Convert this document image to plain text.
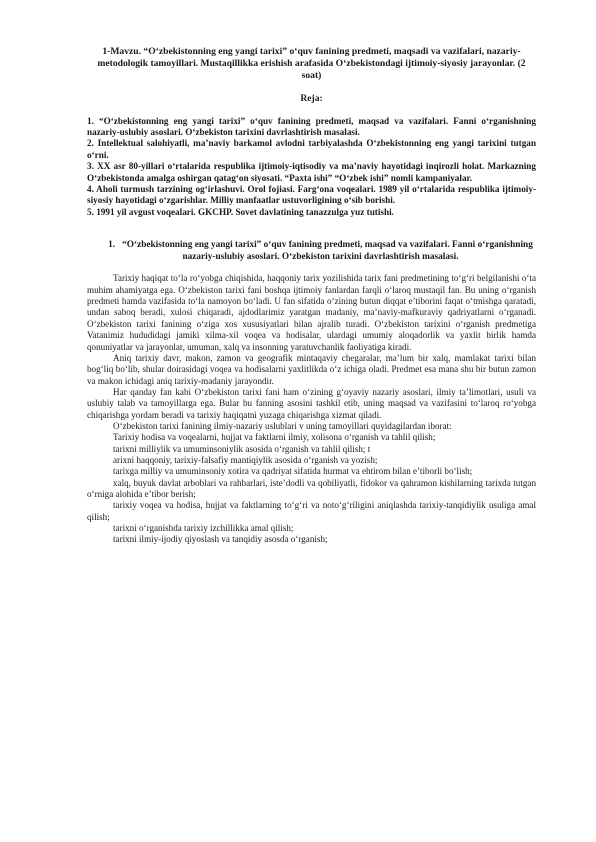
1-Mavzu. “O‘zbekistonning eng yangi tarixi” o‘quv fanining predmeti, maqsadi va vazifalari, nazariy-metodologik tamoyillari. Mustaqillikka erishish arafasida O‘zbekistondagi ijtimoiy-siyosiy jarayonlar. (2 soat)

Reja:

1. “O‘zbekistonning eng yangi tarixi” o‘quv fanining predmeti, maqsad va vazifalari. Fanni o‘rganishning nazariy-uslubiy asoslari. O‘zbekiston tarixini davrlashtirish masalasi.

2. Intellektual salohiyatli, ma’naviy barkamol avlodni tarbiyalashda O‘zbekistonning eng yangi tarixini tutgan o‘rni.

3. XX asr 80-yillari o‘rtalarida respublika ijtimoiy-iqtisodiy va ma’naviy hayotidagi inqirozli holat. Markazning O‘zbekistonda amalga oshirgan qatag‘on siyosati. “Paxta ishi” “O‘zbek ishi” nomli kampaniyalar.

4. Aholi turmush tarzining og‘irlashuvi. Orol fojiasi. Farg‘ona voqealari. 1989 yil o‘rtalarida respublika ijtimoiy-siyosiy hayotidagi o‘zgarishlar. Milliy manfaatlar ustuvorligining o‘sib borishi.

5. 1991 yil avgust voqealari. GKCHP. Sovet davlatining tanazzulga yuz tutishi.

1. “O‘zbekistonning eng yangi tarixi” o‘quv fanining predmeti, maqsad va vazifalari. Fanni o‘rganishning nazariy-uslubiy asoslari. O‘zbekiston tarixini davrlashtirish masalasi.

Tarixiy haqiqat to‘la ro‘yobga chiqishida, haqqoniy tarix yozilishida tarix fani predmetining to‘g‘ri belgilanishi o‘ta muhim ahamiyatga ega. O‘zbekiston tarixi fani boshqa ijtimoiy fanlardan farqli o‘laroq mustaqil fan. Bu uning o‘rganish predmeti hamda vazifasida to‘la namoyon bo‘ladi. U fan sifatida o‘zining butun diqqat e’tiborini faqat o‘tmishga qaratadi, undan saboq beradi, xulosi chiqaradi, ajdodlarimiz yaratgan madaniy, ma’naviy-mafkuraviy qadriyatlarni o‘rganadi. O‘zbekiston tarixi fanining o‘ziga xos xususiyatlari bilan ajralib turadi. O‘zbekiston tarixini o‘rganish predmetiga Vatanimiz hududidagi jamiki xilma-xil voqea va hodisalar, ulardagi umumiy aloqadorlik va yaxlit birlik hamda qonuniyatlar va jarayonlar, umuman, xalq va insonning yaratuvchanlik faoliyatiga kiradi.

Aniq tarixiy davr, makon, zamon va geografik mintaqaviy chegaralar, ma’lum bir xalq, mamlakat tarixi bilan bog‘liq bo‘lib, shular doirasidagi voqea va hodisalarni yaxlitlikda o‘z ichiga oladi. Predmet esa mana shu bir butun zamon va makon ichidagi aniq tarixiy-madaniy jarayondir.

Har qanday fan kabi O‘zbekiston tarixi fani ham o‘zining g‘oyaviy nazariy asoslari, ilmiy ta’limotlari, usuli va uslubiy talab va tamoyillarga ega. Bular bu fanning asosini tashkil etib, uning maqsad va vazifasini to‘laroq ro‘yobga chiqarishga yordam beradi va tarixiy haqiqatni yuzaga chiqarishga xizmat qiladi.

O‘zbekiston tarixi fanining ilmiy-nazariy uslublari v uning tamoyillari quyidagilardan iborat:

Tarixiy hodisa va voqealarni, hujjat va faktlarni ilmiy, xolisona o‘rganish va tahlil qilish;

tarixni milliylik va umuminsoniylik asosida o‘rganish va tahlil qilish; t

arixni haqqoniy, tarixiy-falsafiy mantiqiylik asosida o‘rganish va yozish;

tarixga milliy va umuminsoniy xotira va qadriyat sifatida hurmat va ehtirom bilan e’tiborli bo‘lish;

xalq, buyuk davlat arboblari va rahbarlari, iste’dodli va qobiliyatli, fidokor va qahramon kishilarning tarixda tutgan o‘rniga alohida e’tibor berish;

tarixiy voqea va hodisa, hujjat va faktlarning to‘g‘ri va noto‘g‘riligini aniqlashda tarixiy-tanqidiylik usuliga amal qilish;

tarixni o‘rganishda tarixiy izchillikka amal qilish;

tarixni ilmiy-ijodiy qiyoslash va tanqidiy asosda o‘rganish;
